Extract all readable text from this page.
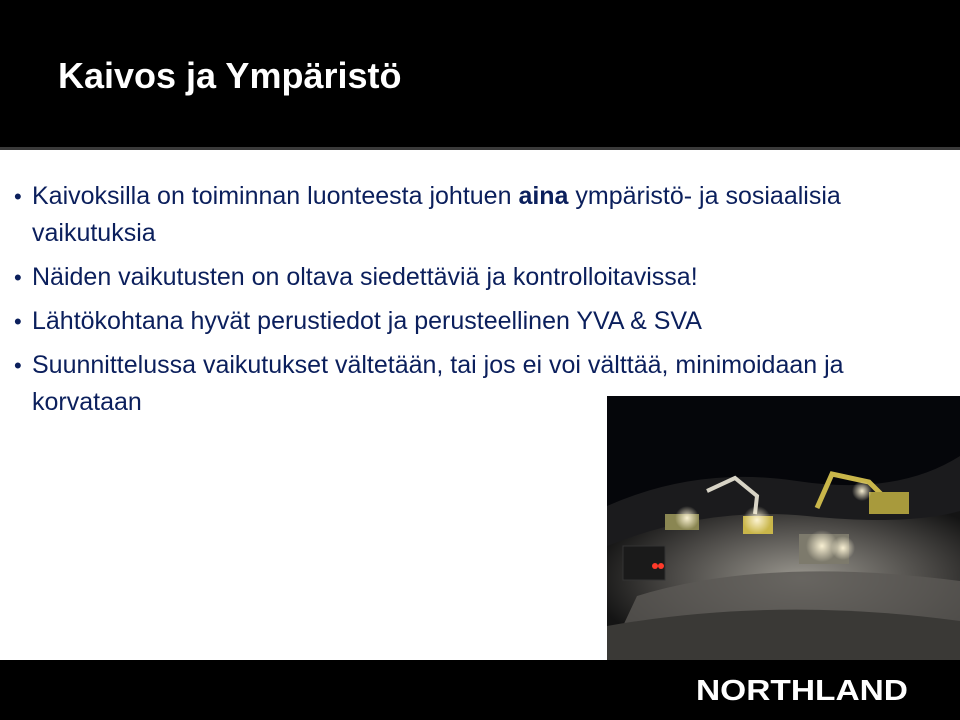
Kaivos ja Ympäristö
• Kaivoksilla on toiminnan luonteesta johtuen aina ympäristö- ja sosiaalisia vaikutuksia
• Näiden vaikutusten on oltava siedettäviä ja kontrolloitavissa!
• Lähtökohtana hyvät perustiedot ja perusteellinen YVA & SVA
• Suunnittelussa vaikutukset vältetään, tai jos ei voi välttää, minimoidaan ja korvataan
NORTHLAND
